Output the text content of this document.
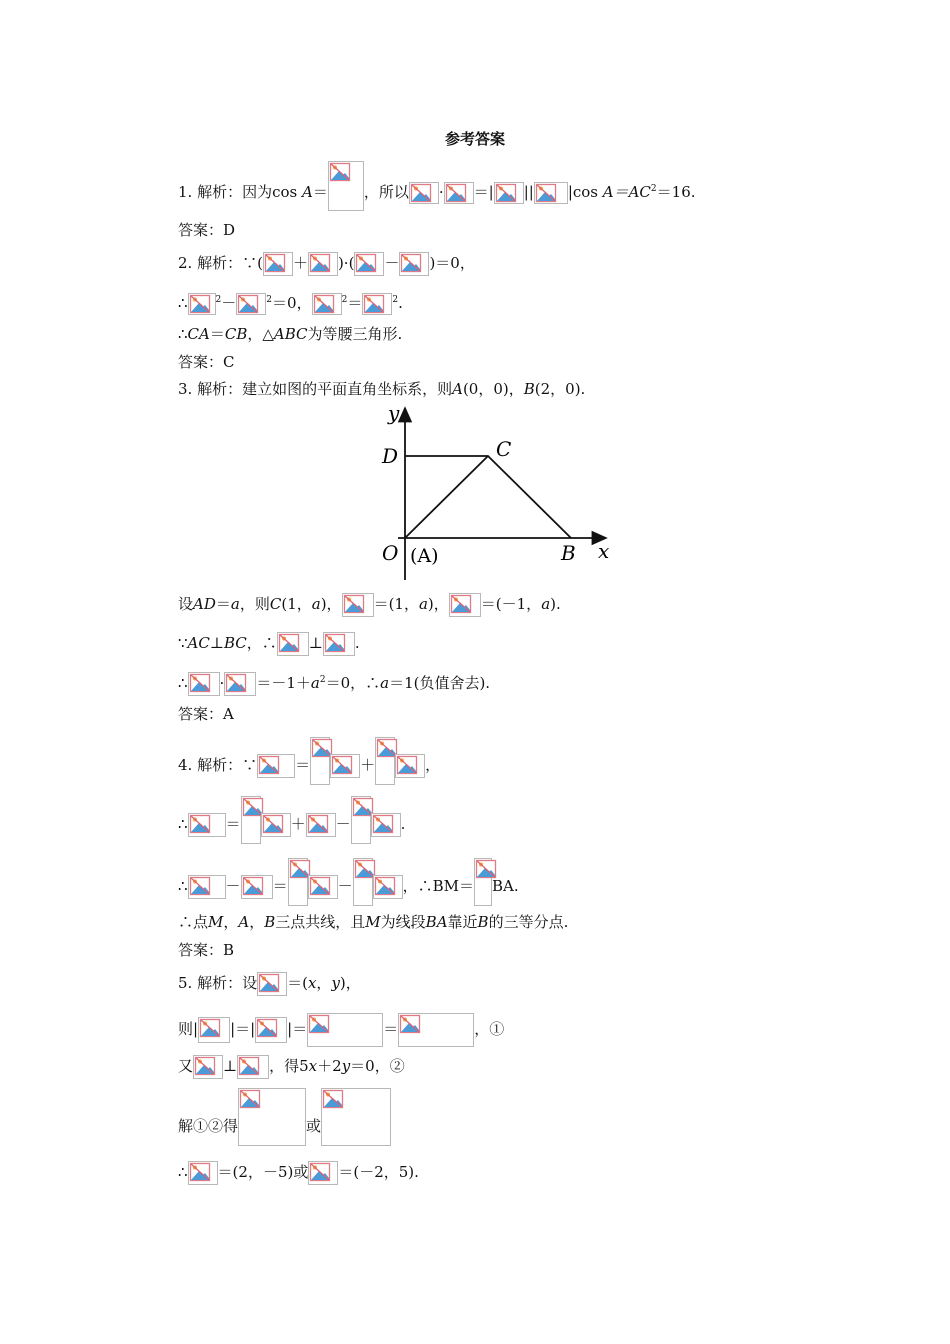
参考答案
1. 解析：因为cos A＝ ，所以 · ＝| || |cos $A=AC^2=16$.
答案：D
2. 解析：∵( ＋ )·( － )＝0，
∴	$^2$－	$^2$＝0，	$^2$＝	$^2$.
∴CA＝CB，△ABC为等腰三角形.
答案：C
3. 解析：建立如图的平面直角坐标系，则A(0，0)，B(2，0).
y
x
D	C
O (A)	B
设AD＝a，则C(1，a)， ＝(1，a)， ＝(－1，a).
∵AC⊥BC，∴ ⊥ .
∴ · $=-1+a^2=0$，∴a＝1(负值舍去).
答案：A
4. 解析：∵	＝	＋	，
∴	＝	＋ －	.
∴	－ ＝	－	，∴BM＝ BA.
∴点M，A，B三点共线，且M为线段BA靠近B的三等分点.
答案：B
5. 解析：设 ＝(x，y)，
则| |＝| |＝	＝	，①
又 ⊥ ，得5x＋2y＝0，②
解①②得	或
∴ ＝(2，－5)或 ＝(－2，5).
